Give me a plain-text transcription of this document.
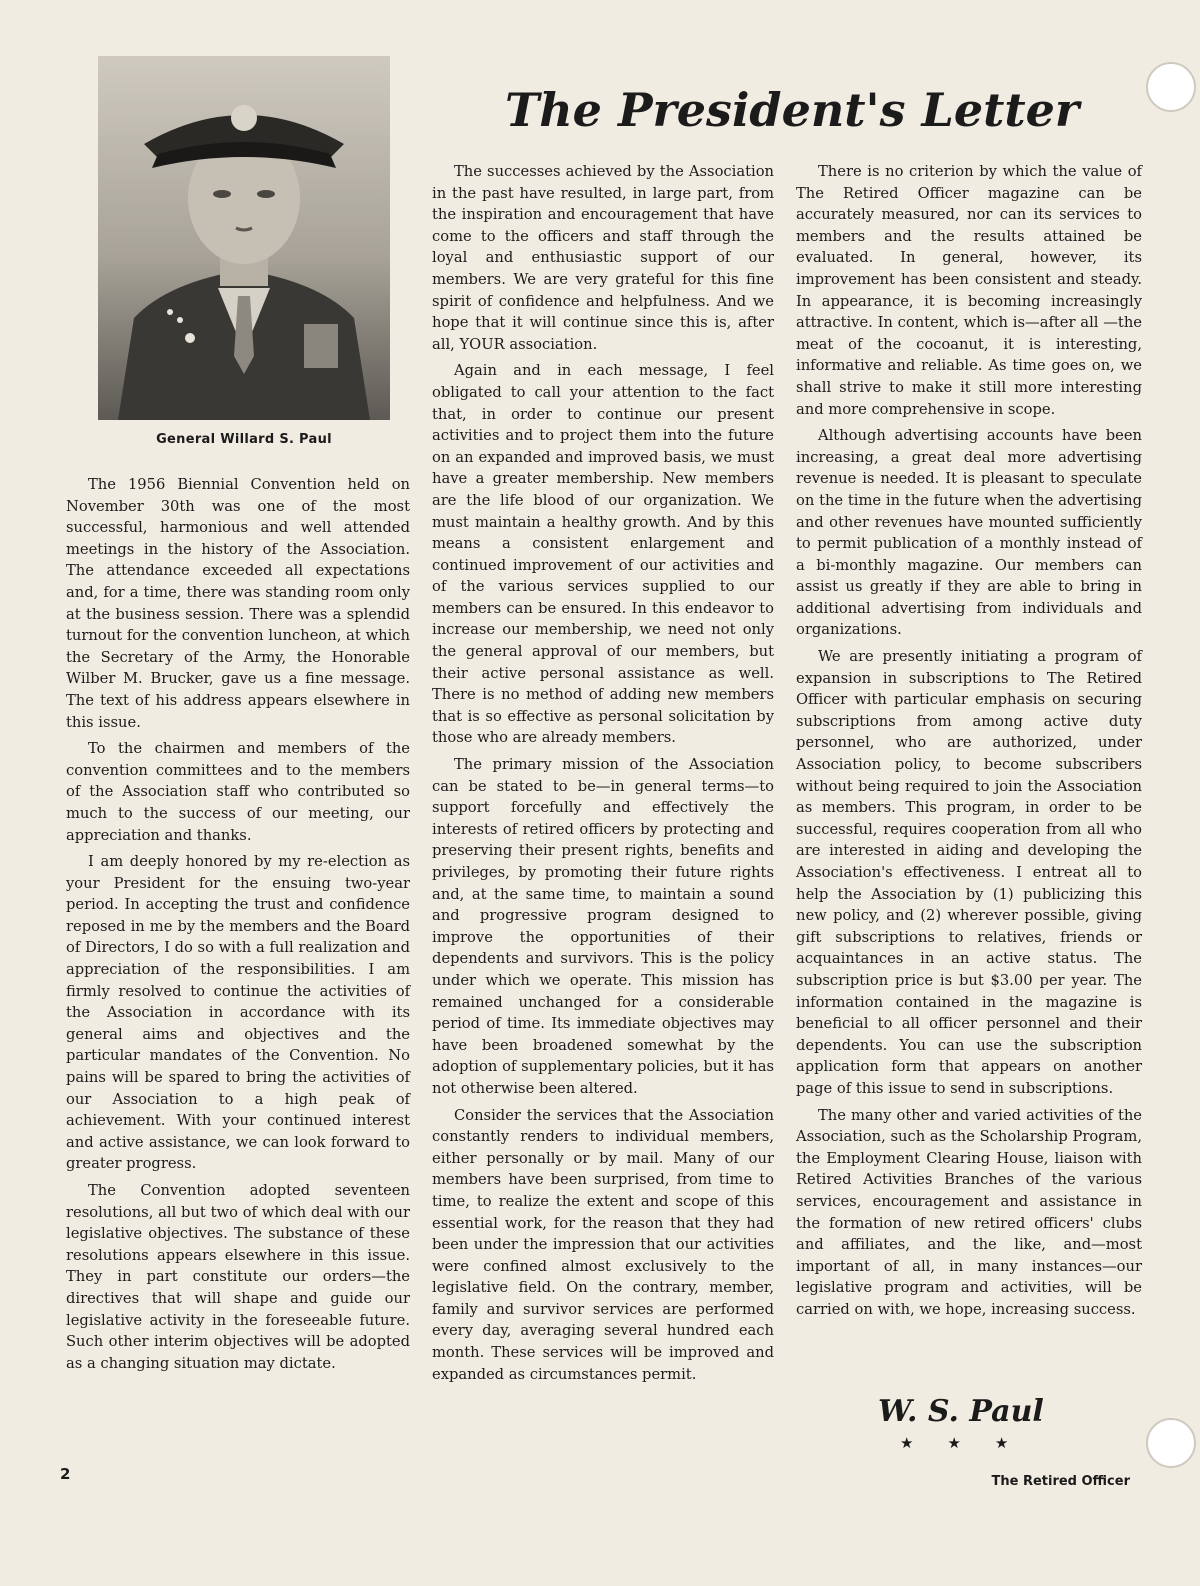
General Willard S. Paul
The President's Letter

The 1956 Biennial Convention held on November 30th was one of the most successful, harmonious and well attended meetings in the history of the Association. The attendance exceeded all expectations and, for a time, there was standing room only at the business session. There was a splendid turnout for the convention luncheon, at which the Secretary of the Army, the Honorable Wilber M. Brucker, gave us a fine message. The text of his address appears elsewhere in this issue.

To the chairmen and members of the convention committees and to the members of the Association staff who contributed so much to the success of our meeting, our appreciation and thanks.

I am deeply honored by my re-election as your President for the ensuing two-year period. In accepting the trust and confidence reposed in me by the members and the Board of Directors, I do so with a full realization and appreciation of the responsibilities. I am firmly resolved to continue the activities of the Association in accordance with its general aims and objectives and the particular mandates of the Convention. No pains will be spared to bring the activities of our Association to a high peak of achievement. With your continued interest and active assistance, we can look forward to greater progress.

The Convention adopted seventeen resolutions, all but two of which deal with our legislative objectives. The substance of these resolutions appears elsewhere in this issue. They in part constitute our orders—the directives that will shape and guide our legislative activity in the foreseeable future. Such other interim objectives will be adopted as a changing situation may dictate.

The successes achieved by the Association in the past have resulted, in large part, from the inspiration and encouragement that have come to the officers and staff through the loyal and enthusiastic support of our members. We are very grateful for this fine spirit of confidence and helpfulness. And we hope that it will continue since this is, after all, YOUR association.

Again and in each message, I feel obligated to call your attention to the fact that, in order to continue our present activities and to project them into the future on an expanded and improved basis, we must have a greater membership. New members are the life blood of our organization. We must maintain a healthy growth. And by this means a consistent enlargement and continued improvement of our activities and of the various services supplied to our members can be ensured. In this endeavor to increase our membership, we need not only the general approval of our members, but their active personal assistance as well. There is no method of adding new members that is so effective as personal solicitation by those who are already members.

The primary mission of the Association can be stated to be—in general terms—to support forcefully and effectively the interests of retired officers by protecting and preserving their present rights, benefits and privileges, by promoting their future rights and, at the same time, to maintain a sound and progressive program designed to improve the opportunities of their dependents and survivors. This is the policy under which we operate. This mission has remained unchanged for a considerable period of time. Its immediate objectives may have been broadened somewhat by the adoption of supplementary policies, but it has not otherwise been altered.

Consider the services that the Association constantly renders to individual members, either personally or by mail. Many of our members have been surprised, from time to time, to realize the extent and scope of this essential work, for the reason that they had been under the impression that our activities were confined almost exclusively to the legislative field. On the contrary, member, family and survivor services are performed every day, averaging several hundred each month. These services will be improved and expanded as circumstances permit.

There is no criterion by which the value of The Retired Officer magazine can be accurately measured, nor can its services to members and the results attained be evaluated. In general, however, its improvement has been consistent and steady. In appearance, it is becoming increasingly attractive. In content, which is—after all —the meat of the cocoanut, it is interesting, informative and reliable. As time goes on, we shall strive to make it still more interesting and more comprehensive in scope.

Although advertising accounts have been increasing, a great deal more advertising revenue is needed. It is pleasant to speculate on the time in the future when the advertising and other revenues have mounted sufficiently to permit publication of a monthly instead of a bi-monthly magazine. Our members can assist us greatly if they are able to bring in additional advertising from individuals and organizations.

We are presently initiating a program of expansion in subscriptions to The Retired Officer with particular emphasis on securing subscriptions from among active duty personnel, who are authorized, under Association policy, to become subscribers without being required to join the Association as members. This program, in order to be successful, requires cooperation from all who are interested in aiding and developing the Association's effectiveness. I entreat all to help the Association by (1) publicizing this new policy, and (2) wherever possible, giving gift subscriptions to relatives, friends or acquaintances in an active status. The subscription price is but $3.00 per year. The information contained in the magazine is beneficial to all officer personnel and their dependents. You can use the subscription application form that appears on another page of this issue to send in subscriptions.

The many other and varied activities of the Association, such as the Scholarship Program, the Employment Clearing House, liaison with Retired Activities Branches of the various services, encouragement and assistance in the formation of new retired officers' clubs and affiliates, and the like, and—most important of all, in many instances—our legislative program and activities, will be carried on with, we hope, increasing success.

W. S. Paul
★★★
2	The Retired Officer
